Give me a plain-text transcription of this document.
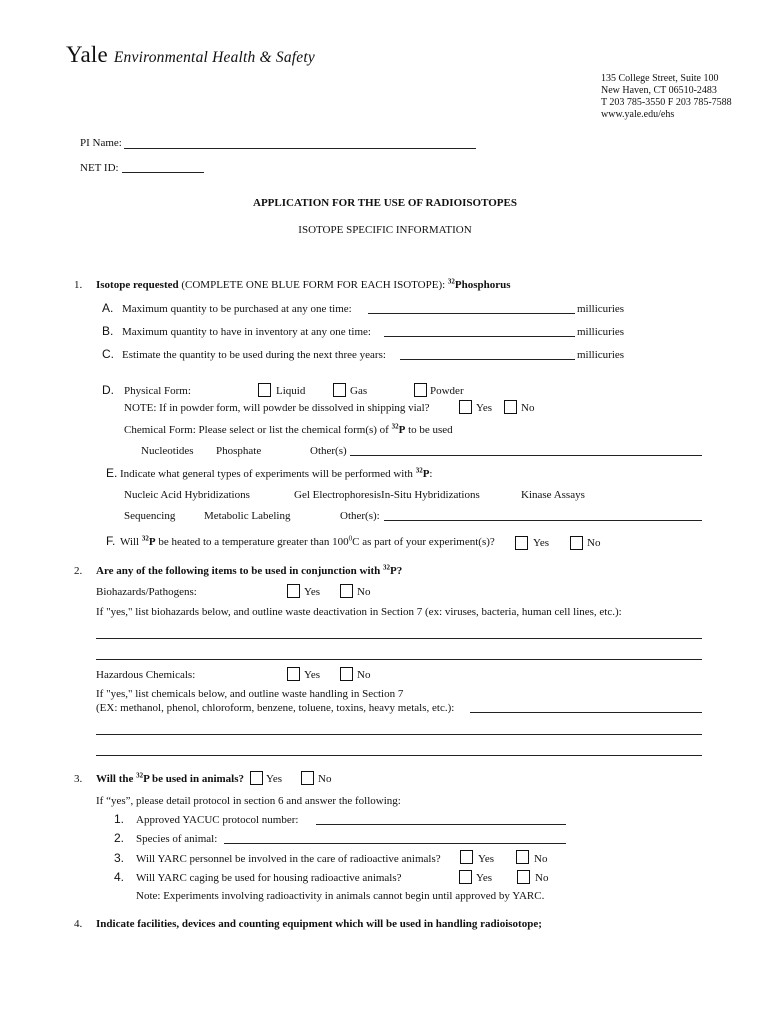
Yale Environmental Health & Safety
135 College Street, Suite 100
New Haven, CT 06510-2483
T 203 785-3550 F 203 785-7588
www.yale.edu/ehs
PI Name:
NET ID:
APPLICATION FOR THE USE OF RADIOISOTOPES
ISOTOPE SPECIFIC INFORMATION
1. Isotope requested (COMPLETE ONE BLUE FORM FOR EACH ISOTOPE): $^{32}$Phosphorus
A. Maximum quantity to be purchased at any one time:	millicuries
B. Maximum quantity to have in inventory at any one time:	millicuries
C. Estimate the quantity to be used during the next three years:	millicuries
D. Physical Form:	Liquid	Gas	Powder
NOTE: If in powder form, will powder be dissolved in shipping vial?	Yes	No
Chemical Form: Please select or list the chemical form(s) of $^{32}$P to be used
Nucleotides Phosphate	Other(s)
E. Indicate what general types of experiments will be performed with $^{32}$P:
Nucleic Acid Hybridizations	Gel ElectrophoresisIn-Situ Hybridizations	Kinase Assays
Sequencing	Metabolic Labeling	Other(s):
F. Will $^{32}$P be heated to a temperature greater than $100^0C$ as part of your experiment(s)?	Yes	No
2. Are any of the following items to be used in conjunction with $^{32}$P?
Biohazards/Pathogens:	Yes	No
If "yes," list biohazards below, and outline waste deactivation in Section 7 (ex: viruses, bacteria, human cell lines, etc.):
Hazardous Chemicals:	Yes	No
If "yes," list chemicals below, and outline waste handling in Section 7
(EX: methanol, phenol, chloroform, benzene, toluene, toxins, heavy metals, etc.):
3. Will the $^{32}$P be used in animals? Yes	No
If “yes”, please detail protocol in section 6 and answer the following:
1. Approved YACUC protocol number:
2. Species of animal:
3. Will YARC personnel be involved in the care of radioactive animals?	Yes	No
4. Will YARC caging be used for housing radioactive animals?	Yes	No
Note: Experiments involving radioactivity in animals cannot begin until approved by YARC.
4. Indicate facilities, devices and counting equipment which will be used in handling radioisotope;
